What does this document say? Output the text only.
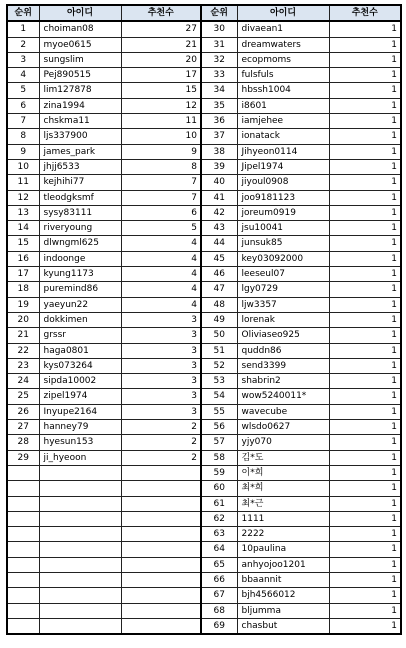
순위	아이디	추천수	순위	아이디	추천수
1	choiman08	27	30	divaean1	1
2	myoe0615	21	31	dreamwaters	1
3	sungslim	20	32	ecopmoms	1
4	Pej890515	17	33	fulsfuls	1
5	lim127878	15	34	hbssh1004	1
6	zina1994	12	35	i8601	1
7	chskma11	11	36	iamjehee	1
8	ljs337900	10	37	ionatack	1
9	james_park	9	38	Jihyeon0114	1
10	jhjj6533	8	39	Jipel1974	1
11	kejhihi77	7	40	jiyoul0908	1
12	tleodgksmf	7	41	joo9181123	1
13	sysy83111	6	42	joreum0919	1
14	riveryoung	5	43	jsu10041	1
15	dlwngml625	4	44	junsuk85	1
16	indoonge	4	45	key03092000	1
17	kyung1173	4	46	leeseul07	1
18	puremind86	4	47	lgy0729	1
19	yaeyun22	4	48	ljw3357	1
20	dokkimen	3	49	lorenak	1
21	grssr	3	50	Oliviaseo925	1
22	haga0801	3	51	quddn86	1
23	kys073264	3	52	send3399	1
24	sipda10002	3	53	shabrin2	1
25	zipel1974	3	54	wow5240011*	1
26	Inyupe2164	3	55	wavecube	1
27	hanney79	2	56	wlsdo0627	1
28	hyesun153	2	57	yjy070	1
29	ji_hyeoon	2	58	김*도	1
			59	이*희	1
			60	최*희	1
			61	최*근	1
			62	1111	1
			63	2222	1
			64	10paulina	1
			65	anhyojoo1201	1
			66	bbaannit	1
			67	bjh4566012	1
			68	bljumma	1
			69	chasbut	1
